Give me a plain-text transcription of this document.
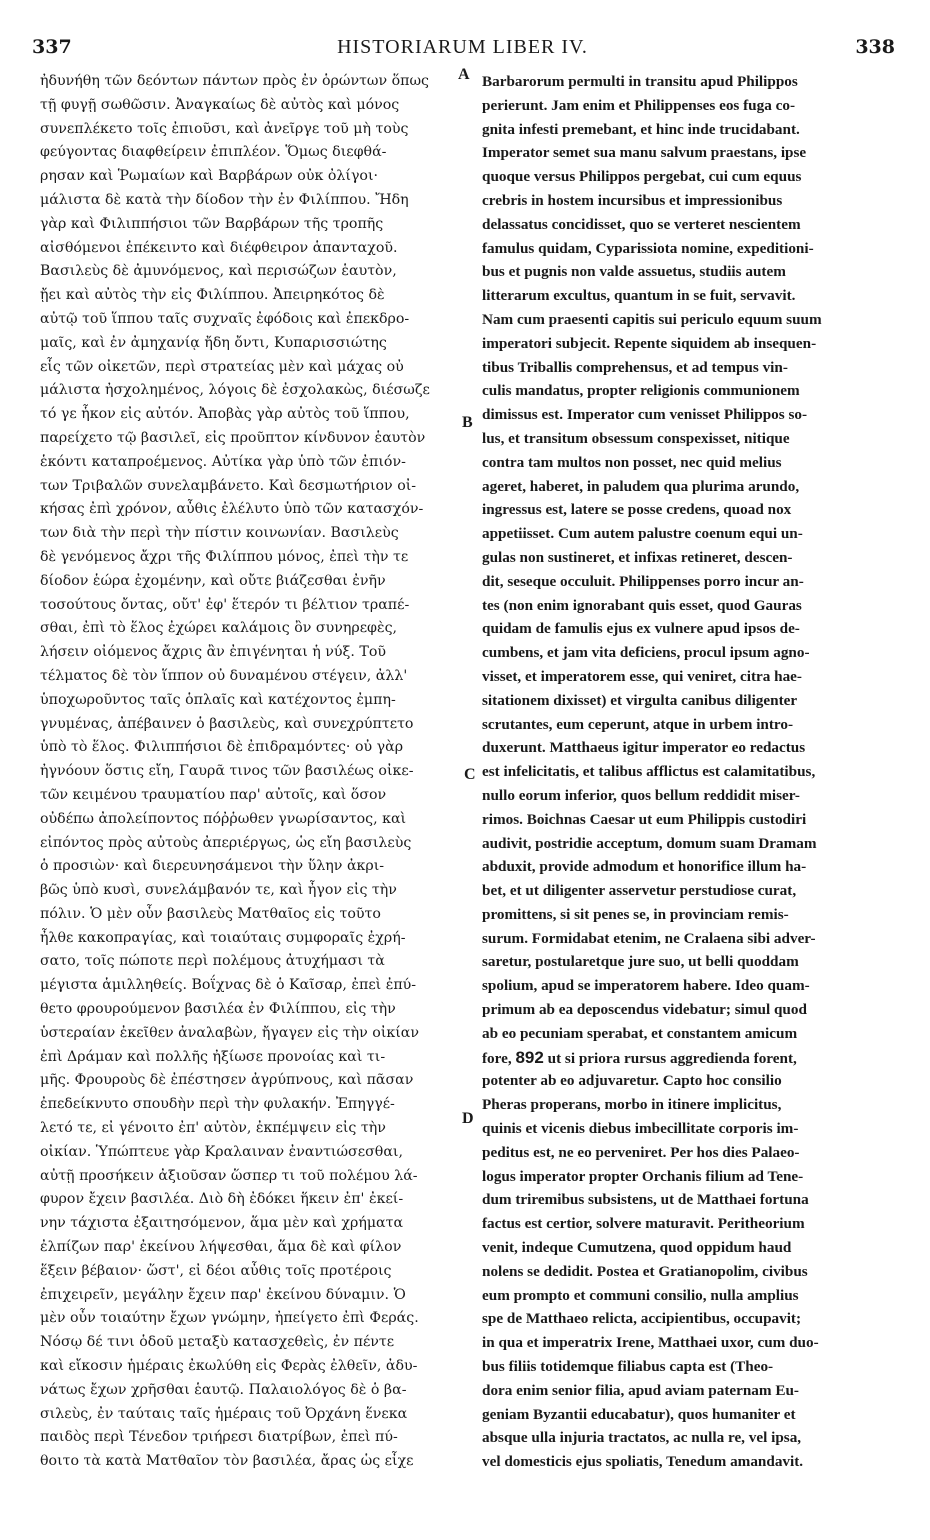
337	HISTORIARUM LIBER IV.	338
A
B
C
D
ἠδυνήθη τῶν δεόντων πάντων πρὸς ἐν ὁρώντων ὅπως
τῇ φυγῇ σωθῶσιν. Ἀναγκαίως δὲ αὐτὸς καὶ μόνος
συνεπλέκετο τοῖς ἐπιοῦσι, καὶ ἀνεῖργε τοῦ μὴ τοὺς
φεύγοντας διαφθείρειν ἐπιπλέον. Ὅμως διεφθά-
ρησαν καὶ Ῥωμαίων καὶ Βαρβάρων οὐκ ὀλίγοι·
μάλιστα δὲ κατὰ τὴν δίοδον τὴν ἐν Φιλίππου. Ἤδη
γὰρ καὶ Φιλιππήσιοι τῶν Βαρβάρων τῆς τροπῆς
αἰσθόμενοι ἐπέκειντο καὶ διέφθειρον ἁπανταχοῦ.
Βασιλεὺς δὲ ἀμυνόμενος, καὶ περισώζων ἑαυτὸν,
ᾔει καὶ αὐτὸς τὴν εἰς Φιλίππου. Ἀπειρηκότος δὲ
αὐτῷ τοῦ ἵππου ταῖς συχναῖς ἐφόδοις καὶ ἐπεκδρο-
μαῖς, καὶ ἐν ἀμηχανίᾳ ἤδη ὄντι, Κυπαρισσιώτης
εἷς τῶν οἰκετῶν, περὶ στρατείας μὲν καὶ μάχας οὐ
μάλιστα ἠσχολημένος, λόγοις δὲ ἐσχολακὼς, διέσωζε
τό γε ἧκον εἰς αὐτόν. Ἀποβὰς γὰρ αὐτὸς τοῦ ἵππου,
παρείχετο τῷ βασιλεῖ, εἰς προῦπτον κίνδυνον ἑαυτὸν
ἑκόντι καταπροέμενος. Αὐτίκα γὰρ ὑπὸ τῶν ἐπιόν-
των Τριβαλῶν συνελαμβάνετο. Καὶ δεσμωτήριον οἰ-
κήσας ἐπὶ χρόνον, αὖθις ἐλέλυτο ὑπὸ τῶν κατασχόν-
των διὰ τὴν περὶ τὴν πίστιν κοινωνίαν. Βασιλεὺς
δὲ γενόμενος ἄχρι τῆς Φιλίππου μόνος, ἐπεὶ τὴν τε
δίοδον ἑώρα ἐχομένην, καὶ οὔτε βιάζεσθαι ἐνῆν
τοσούτους ὄντας, οὔτ' ἐφ' ἕτερόν τι βέλτιον τραπέ-
σθαι, ἐπὶ τὸ ἕλος ἐχώρει καλάμοις ὂν συνηρεφὲς,
λήσειν οἰόμενος ἄχρις ἂν ἐπιγένηται ἡ νύξ. Τοῦ
τέλματος δὲ τὸν ἵππον οὐ δυναμένου στέγειν, ἀλλ'
ὑποχωροῦντος ταῖς ὁπλαῖς καὶ κατέχοντος ἐμπη-
γνυμένας, ἀπέβαινεν ὁ βασιλεὺς, καὶ συνεχρύπτετο
ὑπὸ τὸ ἕλος. Φιλιππήσιοι δὲ ἐπιδραμόντες· οὐ γὰρ
ἠγνόουν ὅστις εἴη, Γαυρᾶ τινος τῶν βασιλέως οἰκε-
τῶν κειμένου τραυματίου παρ' αὐτοῖς, καὶ ὅσον
οὐδέπω ἀπολείποντος πόῤῥωθεν γνωρίσαντος, καὶ
εἰπόντος πρὸς αὐτοὺς ἀπεριέργως, ὡς εἴη βασιλεὺς
ὁ προσιὼν· καὶ διερευνησάμενοι τὴν ὕλην ἀκρι-
βῶς ὑπὸ κυσὶ, συνελάμβανόν τε, καὶ ἦγον εἰς τὴν
πόλιν. Ὁ μὲν οὖν βασιλεὺς Ματθαῖος εἰς τοῦτο
ἦλθε κακοπραγίας, καὶ τοιαύταις συμφοραῖς ἐχρή-
σατο, τοῖς πώποτε περὶ πολέμους ἀτυχήμασι τὰ
μέγιστα ἁμιλληθείς. Βοΐχνας δὲ ὁ Καῖσαρ, ἐπεὶ ἐπύ-
θετο φρουρούμενον βασιλέα ἐν Φιλίππου, εἰς τὴν
ὑστεραίαν ἐκεῖθεν ἀναλαβὼν, ἤγαγεν εἰς τὴν οἰκίαν
ἐπὶ Δράμαν καὶ πολλῆς ἠξίωσε προνοίας καὶ τι-
μῆς. Φρουροὺς δὲ ἐπέστησεν ἀγρύπνους, καὶ πᾶσαν
ἐπεδείκνυτο σπουδὴν περὶ τὴν φυλακήν. Ἐπηγγέ-
λετό τε, εἰ γένοιτο ἐπ' αὐτὸν, ἐκπέμψειν εἰς τὴν
οἰκίαν. Ὑπώπτευε γὰρ Κραλαιναν ἐναντιώσεσθαι,
αὐτῇ προσήκειν ἀξιοῦσαν ὥσπερ τι τοῦ πολέμου λά-
φυρον ἔχειν βασιλέα. Διὸ δὴ ἐδόκει ἥκειν ἐπ' ἐκεί-
νην τάχιστα ἐξαιτησόμενον, ἅμα μὲν καὶ χρήματα
ἐλπίζων παρ' ἐκείνου λήψεσθαι, ἅμα δὲ καὶ φίλον
ἕξειν βέβαιον· ὥστ', εἰ δέοι αὖθις τοῖς προτέροις
ἐπιχειρεῖν, μεγάλην ἔχειν παρ' ἐκείνου δύναμιν. Ὁ
μὲν οὖν τοιαύτην ἔχων γνώμην, ἠπείγετο ἐπὶ Φεράς.
Νόσῳ δέ τινι ὁδοῦ μεταξὺ κατασχεθεὶς, ἐν πέντε
καὶ εἴκοσιν ἡμέραις ἐκωλύθη εἰς Φερὰς ἐλθεῖν, ἀδυ-
νάτως ἔχων χρῆσθαι ἑαυτῷ. Παλαιολόγος δὲ ὁ βα-
σιλεὺς, ἐν ταύταις ταῖς ἡμέραις τοῦ Ὀρχάνη ἕνεκα
παιδὸς περὶ Τένεδον τριήρεσι διατρίβων, ἐπεὶ πύ-
θοιτο τὰ κατὰ Ματθαῖον τὸν βασιλέα, ἄρας ὡς εἶχε
Barbarorum permulti in transitu apud Philippos
perierunt. Jam enim et Philippenses eos fuga co-
gnita infesti premebant, et hinc inde trucidabant.
Imperator semet sua manu salvum praestans, ipse
quoque versus Philippos pergebat, cui cum equus
crebris in hostem incursibus et impressionibus
delassatus concidisset, quo se verteret nescientem
famulus quidam, Cyparissiota nomine, expeditioni-
bus et pugnis non valde assuetus, studiis autem
litterarum excultus, quantum in se fuit, servavit.
Nam cum praesenti capitis sui periculo equum suum
imperatori subjecit. Repente siquidem ab insequen-
tibus Triballis comprehensus, et ad tempus vin-
culis mandatus, propter religionis communionem
dimissus est. Imperator cum venisset Philippos so-
lus, et transitum obsessum conspexisset, nitique
contra tam multos non posset, nec quid melius
ageret, haberet, in paludem qua plurima arundo,
ingressus est, latere se posse credens, quoad nox
appetiisset. Cum autem palustre coenum equi un-
gulas non sustineret, et infixas retineret, descen-
dit, seseque occuluit. Philippenses porro incur an-
tes (non enim ignorabant quis esset, quod Gauras
quidam de famulis ejus ex vulnere apud ipsos de-
cumbens, et jam vita deficiens, procul ipsum agno-
visset, et imperatorem esse, qui veniret, citra hae-
sitationem dixisset) et virgulta canibus diligenter
scrutantes, eum ceperunt, atque in urbem intro-
duxerunt. Matthaeus igitur imperator eo redactus
est infelicitatis, et talibus afflictus est calamitatibus,
nullo eorum inferior, quos bellum reddidit miser-
rimos. Boichnas Caesar ut eum Philippis custodiri
audivit, postridie acceptum, domum suam Dramam
abduxit, provide admodum et honorifice illum ha-
bet, et ut diligenter asservetur perstudiose curat,
promittens, si sit penes se, in provinciam remis-
surum. Formidabat etenim, ne Cralaena sibi adver-
saretur, postularetque jure suo, ut belli quoddam
spolium, apud se imperatorem habere. Ideo quam-
primum ab ea deposcendus videbatur; simul quod
ab eo pecuniam sperabat, et constantem amicum
fore, 892 ut si priora rursus aggredienda forent,
potenter ab eo adjuvaretur. Capto hoc consilio
Pheras properans, morbo in itinere implicitus,
quinis et vicenis diebus imbecillitate corporis im-
peditus est, ne eo perveniret. Per hos dies Palaeo-
logus imperator propter Orchanis filium ad Tene-
dum triremibus subsistens, ut de Matthaei fortuna
factus est certior, solvere maturavit. Peritheorium
venit, indeque Cumutzena, quod oppidum haud
nolens se dedidit. Postea et Gratianopolim, civibus
eum prompto et communi consilio, nulla amplius
spe de Matthaeo relicta, accipientibus, occupavit;
in qua et imperatrix Irene, Matthaei uxor, cum duo-
bus filiis totidemque filiabus capta est (Theo-
dora enim senior filia, apud aviam paternam Eu-
geniam Byzantii educabatur), quos humaniter et
absque ulla injuria tractatos, ac nulla re, vel ipsa,
vel domesticis ejus spoliatis, Tenedum amandavit.
